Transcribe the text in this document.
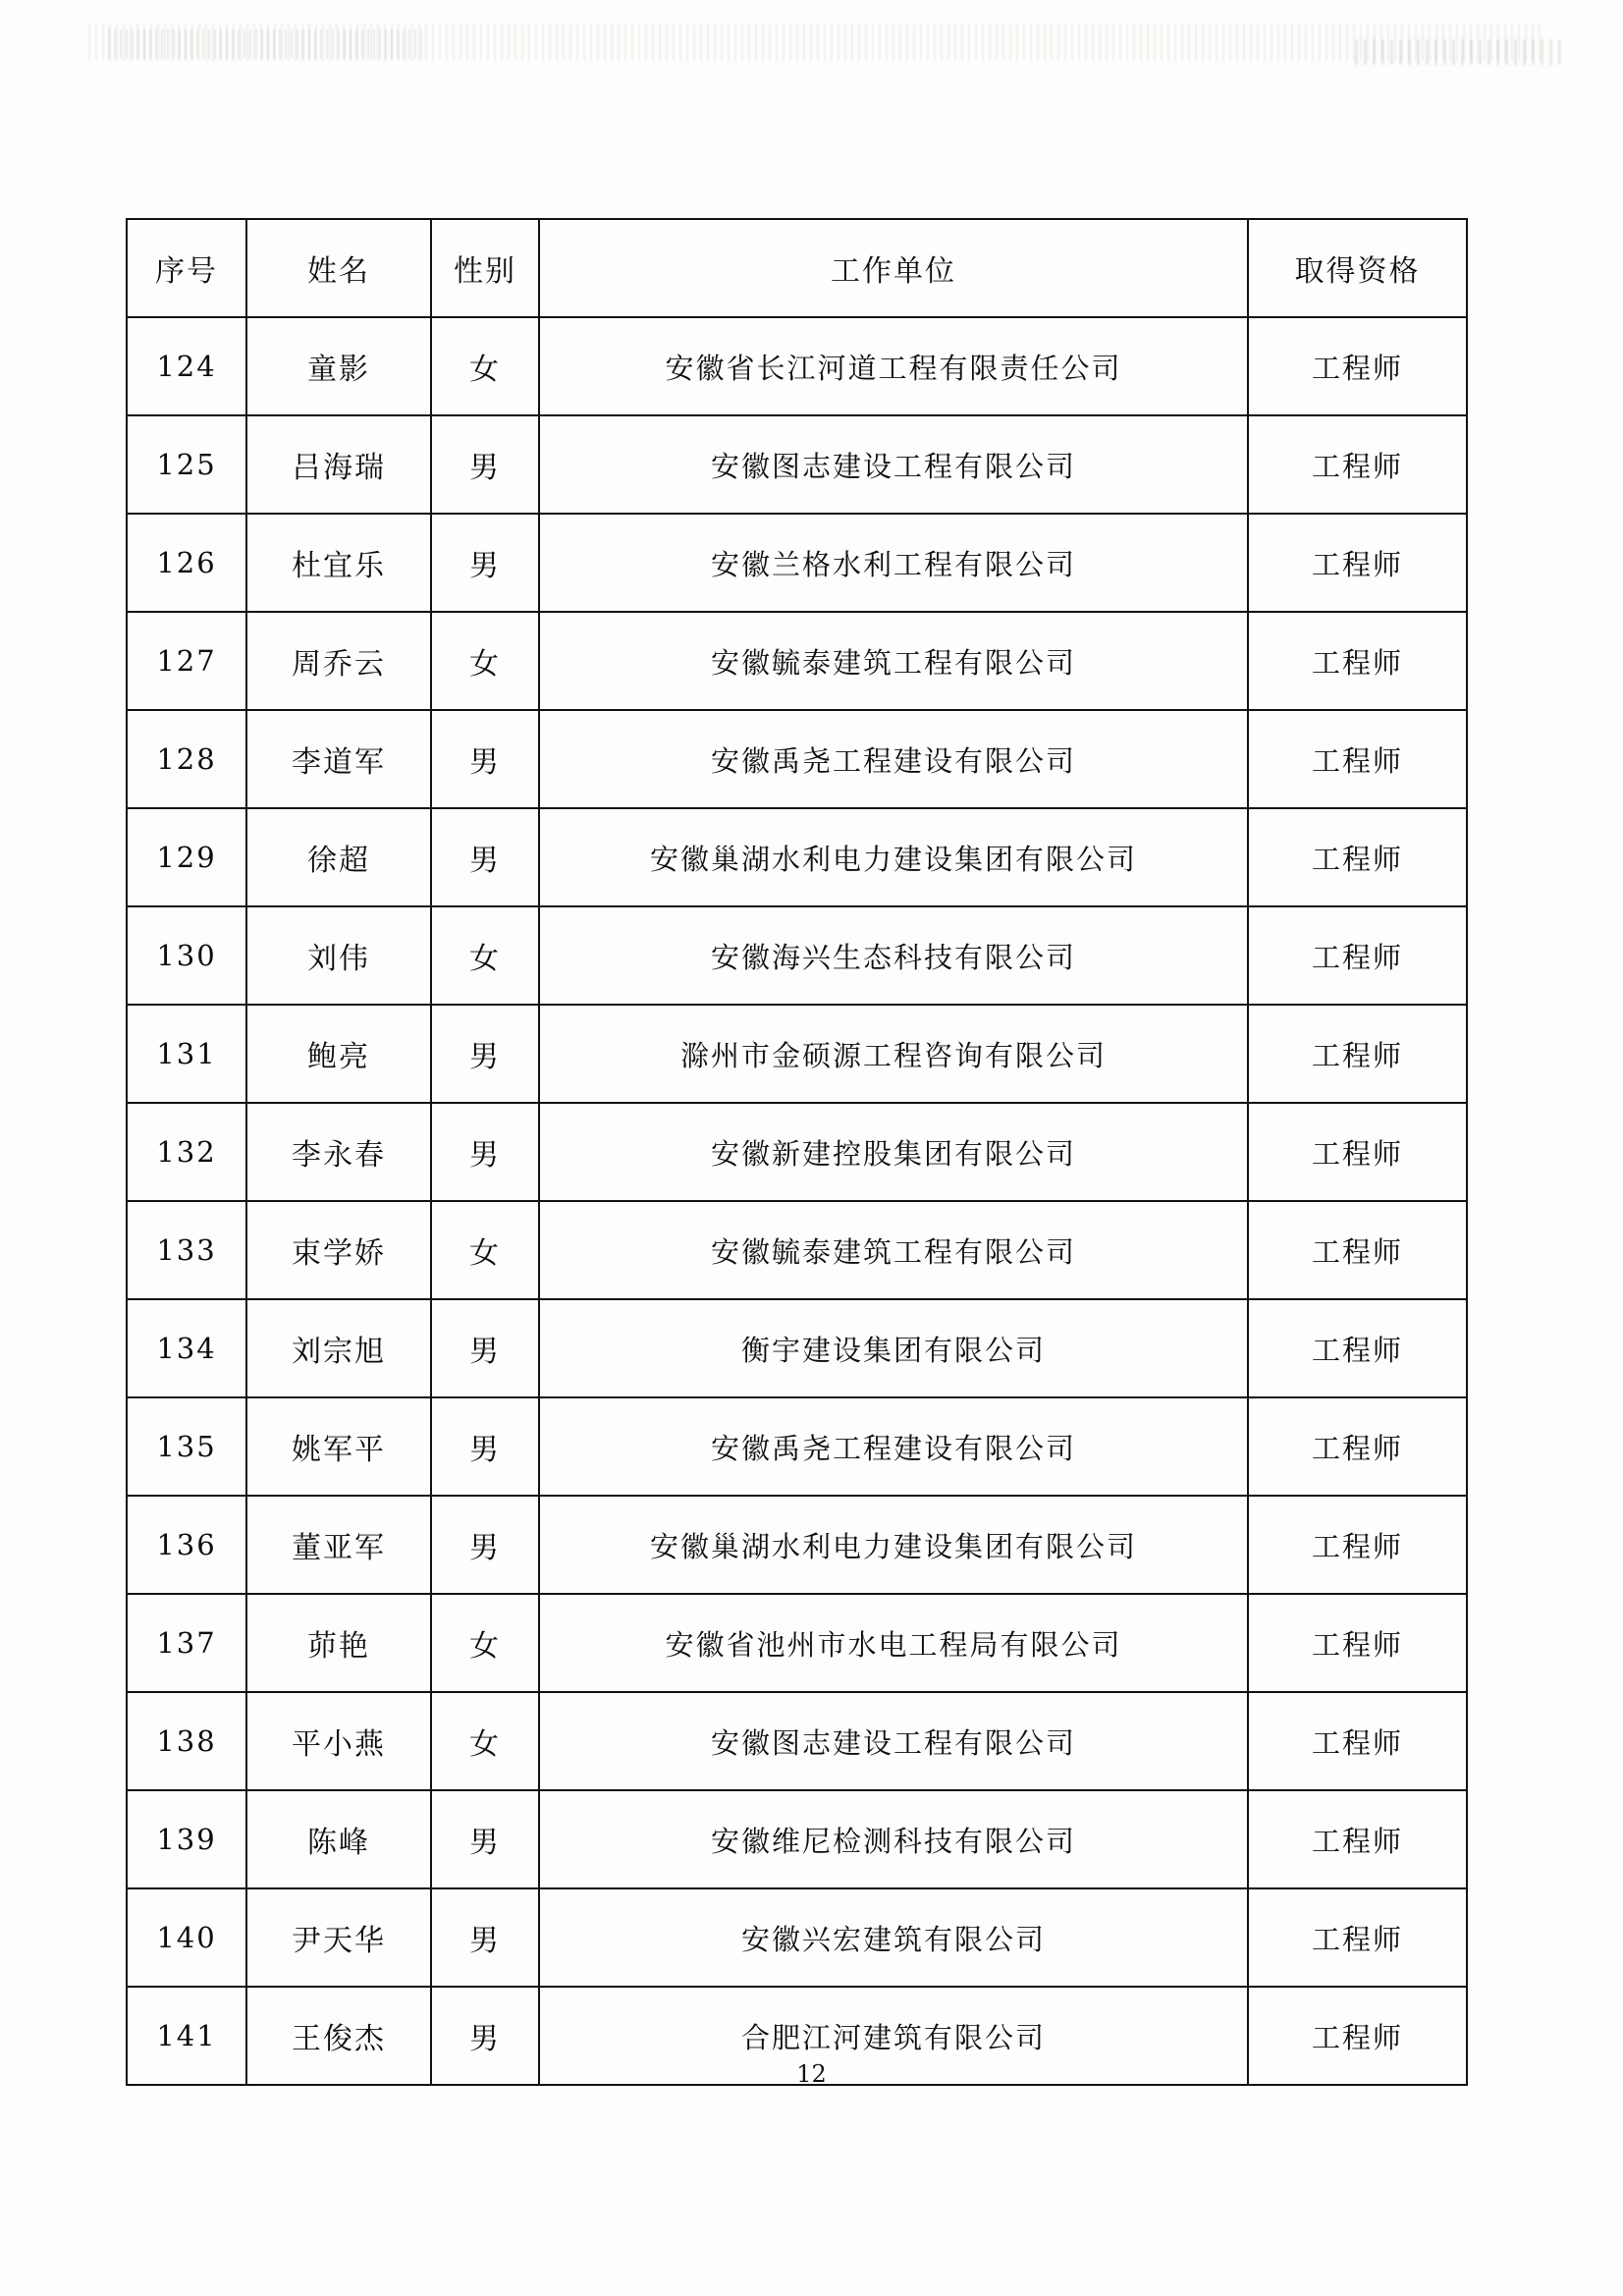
序号	姓名	性别	工作单位	取得资格
124	童影	女	安徽省长江河道工程有限责任公司	工程师
125	吕海瑞	男	安徽图志建设工程有限公司	工程师
126	杜宜乐	男	安徽兰格水利工程有限公司	工程师
127	周乔云	女	安徽毓泰建筑工程有限公司	工程师
128	李道军	男	安徽禹尧工程建设有限公司	工程师
129	徐超	男	安徽巢湖水利电力建设集团有限公司	工程师
130	刘伟	女	安徽海兴生态科技有限公司	工程师
131	鲍亮	男	滁州市金硕源工程咨询有限公司	工程师
132	李永春	男	安徽新建控股集团有限公司	工程师
133	束学娇	女	安徽毓泰建筑工程有限公司	工程师
134	刘宗旭	男	衡宇建设集团有限公司	工程师
135	姚军平	男	安徽禹尧工程建设有限公司	工程师
136	董亚军	男	安徽巢湖水利电力建设集团有限公司	工程师
137	茆艳	女	安徽省池州市水电工程局有限公司	工程师
138	平小燕	女	安徽图志建设工程有限公司	工程师
139	陈峰	男	安徽维尼检测科技有限公司	工程师
140	尹天华	男	安徽兴宏建筑有限公司	工程师
141	王俊杰	男	合肥江河建筑有限公司	工程师
12
